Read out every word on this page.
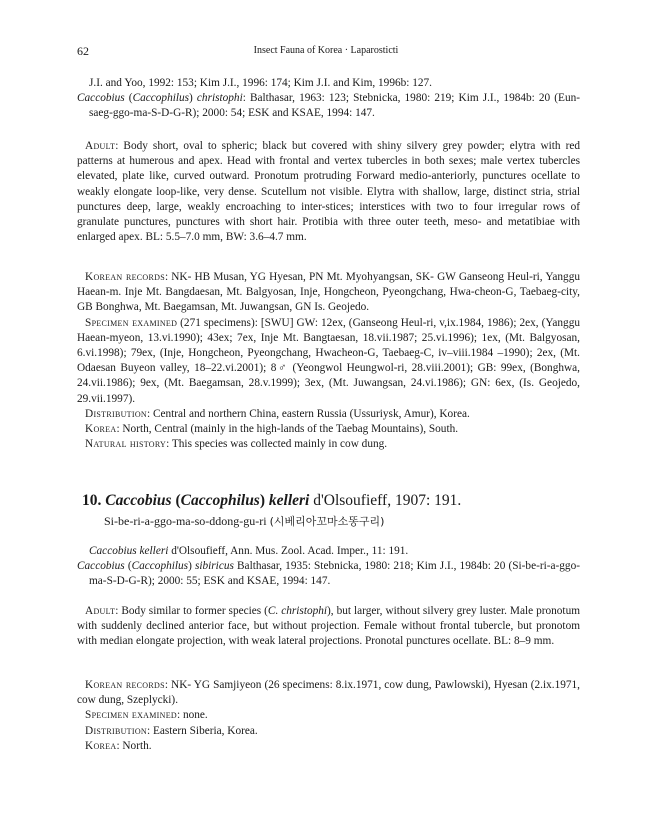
62	Insect Fauna of Korea · Laparosticti

J.I. and Yoo, 1992: 153; Kim J.I., 1996: 174; Kim J.I. and Kim, 1996b: 127.

Caccobius (Caccophilus) christophi: Balthasar, 1963: 123; Stebnicka, 1980: 219; Kim J.I., 1984b: 20 (Eun-saeg-ggo-ma-S-D-G-R); 2000: 54; ESK and KSAE, 1994: 147.

Adult: Body short, oval to spheric; black but covered with shiny silvery grey powder; elytra with red patterns at humerous and apex. Head with frontal and vertex tubercles in both sexes; male vertex tubercles elevated, plate like, curved outward. Pronotum protruding Forward medio-anteriorly, punctures ocellate to weakly elongate loop-like, very dense. Scutellum not visible. Elytra with shallow, large, distinct stria, strial punctures deep, large, weakly encroaching to inter-stices; interstices with two to four irregular rows of granulate punctures, punctures with short hair. Protibia with three outer teeth, meso- and metatibiae with enlarged apex. BL: 5.5–7.0 mm, BW: 3.6–4.7 mm.

Korean records: NK- HB Musan, YG Hyesan, PN Mt. Myohyangsan, SK- GW Ganseong Heul-ri, Yanggu Haean-m. Inje Mt. Bangdaesan, Mt. Balgyosan, Inje, Hongcheon, Pyeongchang, Hwa-cheon-G, Taebaeg-city, GB Bonghwa, Mt. Baegamsan, Mt. Juwangsan, GN Is. Geojedo.

Specimen examined (271 specimens): [SWU] GW: 12ex, (Ganseong Heul-ri, v,ix.1984, 1986); 2ex, (Yanggu Haean-myeon, 13.vi.1990); 43ex; 7ex, Inje Mt. Bangtaesan, 18.vii.1987; 25.vi.1996); 1ex, (Mt. Balgyosan, 6.vi.1998); 79ex, (Inje, Hongcheon, Pyeongchang, Hwacheon-G, Taebaeg-C, iv–viii.1984 –1990); 2ex, (Mt. Odaesan Buyeon valley, 18–22.vi.2001); 8♂ (Yeongwol Heungwol-ri, 28.viii.2001); GB: 99ex, (Bonghwa, 24.vii.1986); 9ex, (Mt. Baegamsan, 28.v.1999); 3ex, (Mt. Juwangsan, 24.vi.1986); GN: 6ex, (Is. Geojedo, 29.vii.1997).

Distribution: Central and northern China, eastern Russia (Ussuriysk, Amur), Korea.

Korea: North, Central (mainly in the high-lands of the Taebag Mountains), South.

Natural history: This species was collected mainly in cow dung.

10. Caccobius (Caccophilus) kelleri d'Olsoufieff, 1907: 191.
Si-be-ri-a-ggo-ma-so-ddong-gu-ri (시베리아꼬마소똥구리)

Caccobius kelleri d'Olsoufieff, Ann. Mus. Zool. Acad. Imper., 11: 191.

Caccobius (Caccophilus) sibiricus Balthasar, 1935: Stebnicka, 1980: 218; Kim J.I., 1984b: 20 (Si-be-ri-a-ggo-ma-S-D-G-R); 2000: 55; ESK and KSAE, 1994: 147.

Adult: Body similar to former species (C. christophi), but larger, without silvery grey luster. Male pronotum with suddenly declined anterior face, but without projection. Female without frontal tubercle, but pronotom with median elongate projection, with weak lateral projections. Pronotal punctures ocellate. BL: 8–9 mm.

Korean records: NK- YG Samjiyeon (26 specimens: 8.ix.1971, cow dung, Pawlowski), Hyesan (2.ix.1971, cow dung, Szeplycki).

Specimen examined: none.

Distribution: Eastern Siberia, Korea.

Korea: North.
